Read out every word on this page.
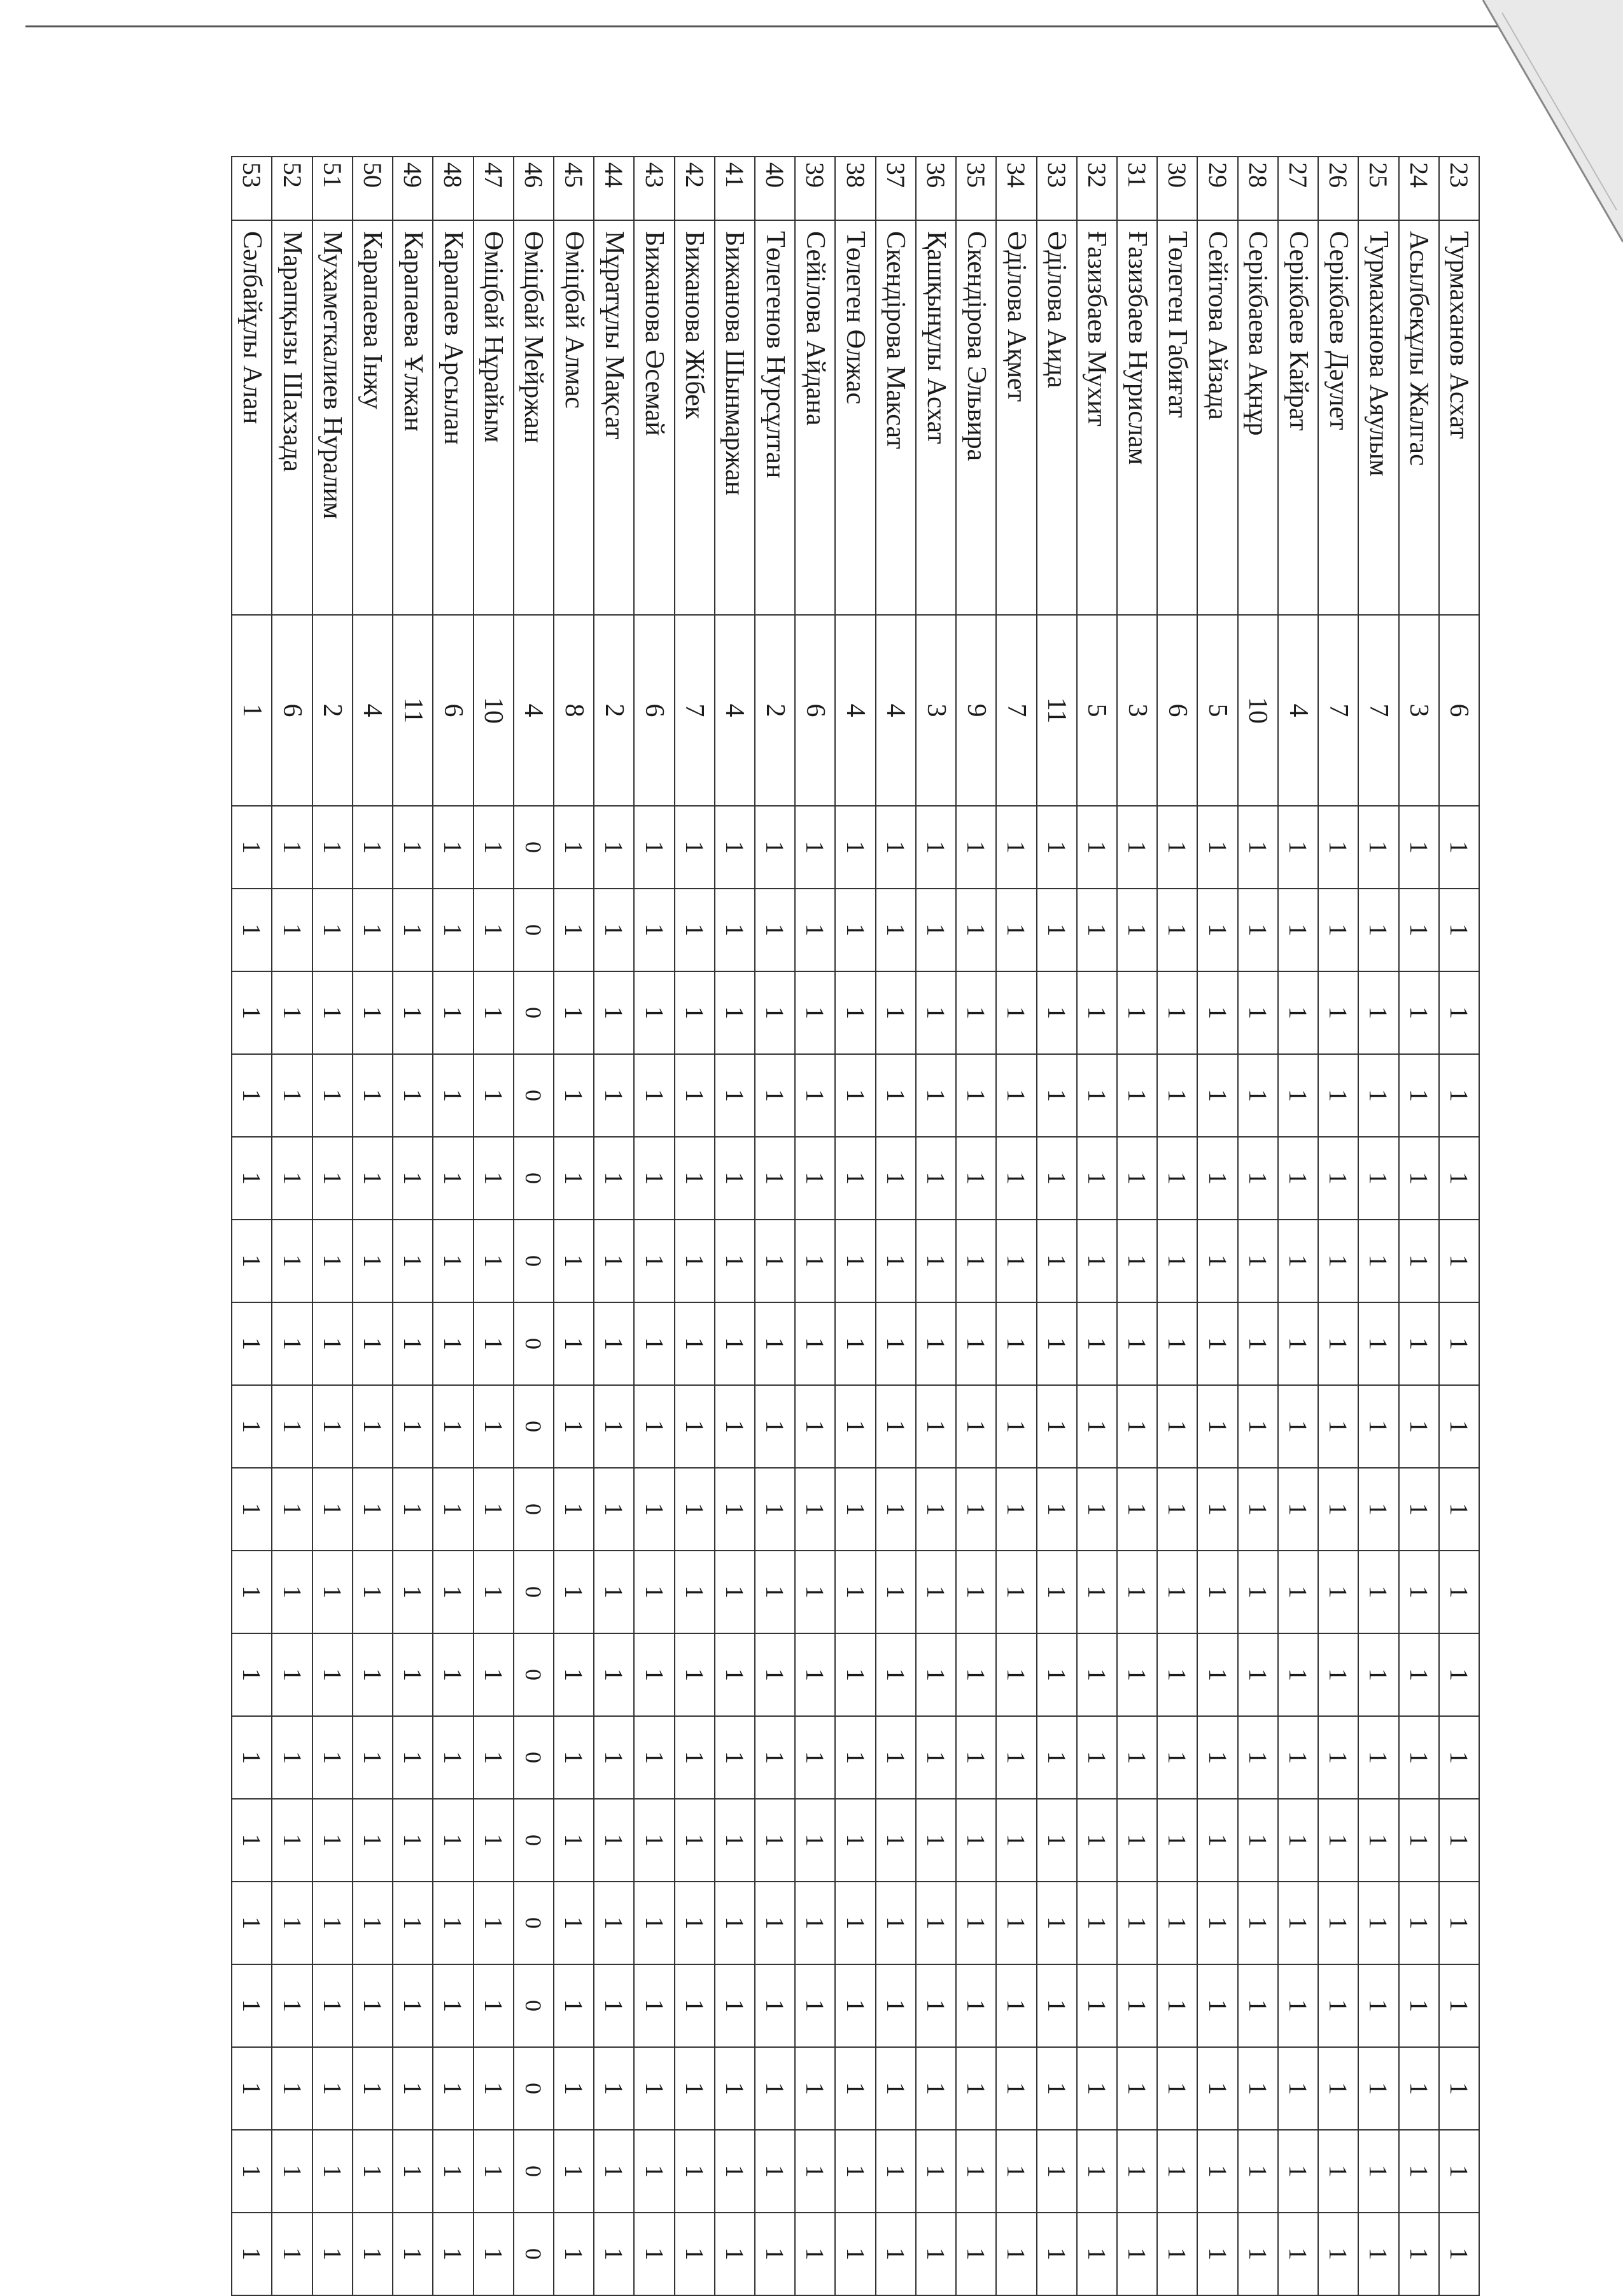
23
Турмаханов Асхат
6
1
1
1
1
1
1
1
1
1
1
1
1
1
1
1
1
1
1
24
Асылбекұлы Жалгас
3
1
1
1
1
1
1
1
1
1
1
1
1
1
1
1
1
1
1
25
Турмаханова Аяулым
7
1
1
1
1
1
1
1
1
1
1
1
1
1
1
1
1
1
1
26
Серікбаев Дәулет
7
1
1
1
1
1
1
1
1
1
1
1
1
1
1
1
1
1
1
27
Серікбаев Кайрат
4
1
1
1
1
1
1
1
1
1
1
1
1
1
1
1
1
1
1
28
Серікбаева Ақнұр
10
1
1
1
1
1
1
1
1
1
1
1
1
1
1
1
1
1
1
29
Сейітова Айзада
5
1
1
1
1
1
1
1
1
1
1
1
1
1
1
1
1
1
1
30
Төлеген Габиғат
6
1
1
1
1
1
1
1
1
1
1
1
1
1
1
1
1
1
1
31
Ғазизбаев Нурислам
3
1
1
1
1
1
1
1
1
1
1
1
1
1
1
1
1
1
1
32
Ғазизбаев Мухит
5
1
1
1
1
1
1
1
1
1
1
1
1
1
1
1
1
1
1
33
Әділова Аида
11
1
1
1
1
1
1
1
1
1
1
1
1
1
1
1
1
1
1
34
Әділова Ақмет
7
1
1
1
1
1
1
1
1
1
1
1
1
1
1
1
1
1
1
35
Скендірова Эльвира
9
1
1
1
1
1
1
1
1
1
1
1
1
1
1
1
1
1
1
36
Қашқынұлы Асхат
3
1
1
1
1
1
1
1
1
1
1
1
1
1
1
1
1
1
1
37
Скендірова Максат
4
1
1
1
1
1
1
1
1
1
1
1
1
1
1
1
1
1
1
38
Төлеген Өлжас
4
1
1
1
1
1
1
1
1
1
1
1
1
1
1
1
1
1
1
39
Сейілова Айдана
6
1
1
1
1
1
1
1
1
1
1
1
1
1
1
1
1
1
1
40
Төлегенов Нурсұлтан
2
1
1
1
1
1
1
1
1
1
1
1
1
1
1
1
1
1
1
41
Бижанова Шынмаржан
4
1
1
1
1
1
1
1
1
1
1
1
1
1
1
1
1
1
1
42
Бижанова Жібек
7
1
1
1
1
1
1
1
1
1
1
1
1
1
1
1
1
1
1
43
Бижанова Әсемай
6
1
1
1
1
1
1
1
1
1
1
1
1
1
1
1
1
1
1
44
Мұратұлы Мақсат
2
1
1
1
1
1
1
1
1
1
1
1
1
1
1
1
1
1
1
45
Өміцбай Алмас
8
1
1
1
1
1
1
1
1
1
1
1
1
1
1
1
1
1
1
46
Өміцбай Мейржан
4
0
0
0
0
0
0
0
0
0
0
0
0
0
0
0
0
0
0
47
Өміцбай Нұрайым
10
1
1
1
1
1
1
1
1
1
1
1
1
1
1
1
1
1
1
48
Карапаев Арсылан
6
1
1
1
1
1
1
1
1
1
1
1
1
1
1
1
1
1
1
49
Карапаева Ұлжан
11
1
1
1
1
1
1
1
1
1
1
1
1
1
1
1
1
1
1
50
Карапаева Інжу
4
1
1
1
1
1
1
1
1
1
1
1
1
1
1
1
1
1
1
51
Мухаметкалиев Нуралим
2
1
1
1
1
1
1
1
1
1
1
1
1
1
1
1
1
1
1
52
Марапқызы Шахзада
6
1
1
1
1
1
1
1
1
1
1
1
1
1
1
1
1
1
1
53
Сәлбайұлы Алан
1
1
1
1
1
1
1
1
1
1
1
1
1
1
1
1
1
1
1
